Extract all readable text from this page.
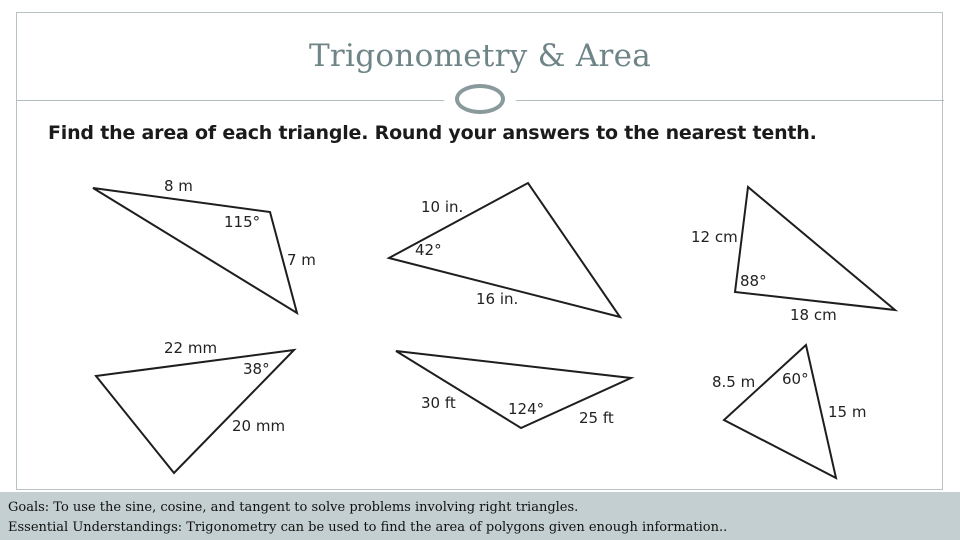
Trigonometry & Area
Find the area of each triangle. Round your answers to the nearest tenth.
8 m
115°
7 m
10 in.
42°
16 in.
12 cm
88°
18 cm
22 mm
38°
20 mm
30 ft	124° 25 ft
8.5 m 60°
15 m
Goals: To use the sine, cosine, and tangent to solve problems involving right triangles.
Essential Understandings: Trigonometry can be used to find the area of polygons given enough information..
